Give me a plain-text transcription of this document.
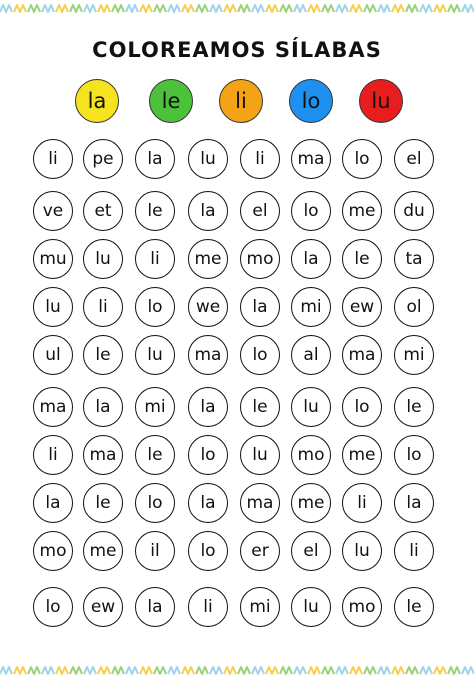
COLOREAMOS SÍLABAS
la	le	li	lo	lu
li	pe	la	lu	li	ma	lo	el
ve	et	le	la	el	lo	me	du
mu	lu	li	me	mo	la	le	ta
lu	li	lo	we	la	mi	ew	ol
ul	le	lu	ma	lo	al	ma	mi
ma	la	mi	la	le	lu	lo	le
li	ma	le	lo	lu	mo	me	lo
la	le	lo	la	ma	me	li	la
mo	me	il	lo	er	el	lu	li
lo	ew	la	li	mi	lu	mo	le
